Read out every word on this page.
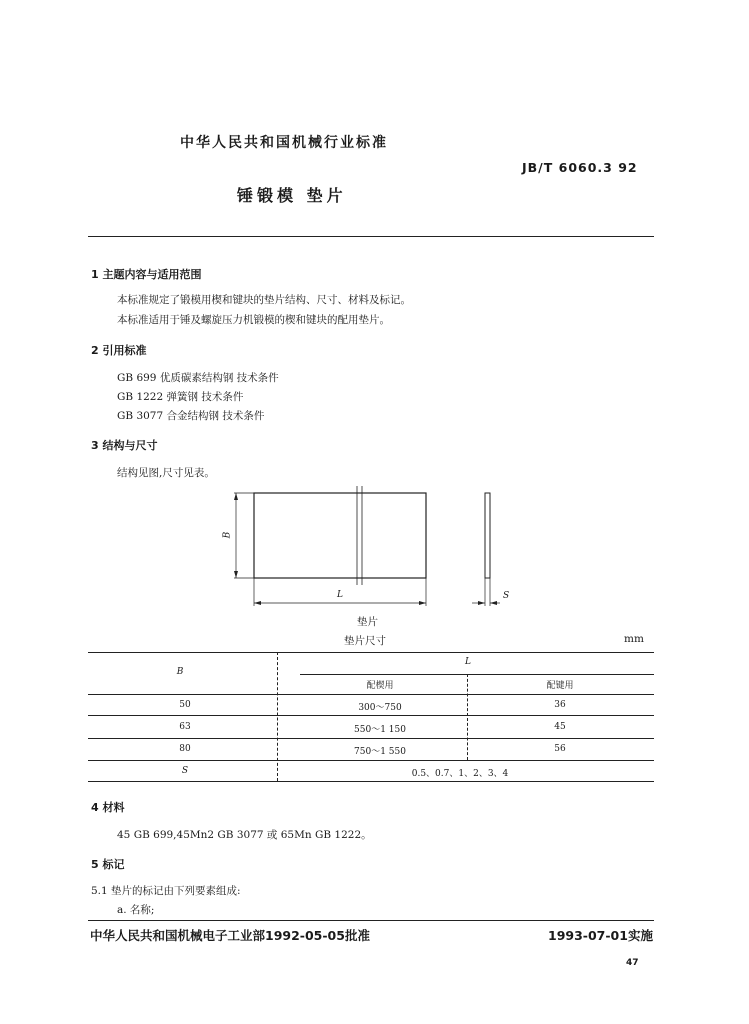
中华人民共和国机械行业标准
JB/T 6060.3 92
锤锻模 垫片
1 主题内容与适用范围
本标准规定了锻模用楔和键块的垫片结构、尺寸、材料及标记。
本标准适用于锤及螺旋压力机锻模的楔和键块的配用垫片。
2 引用标准
GB 699 优质碳素结构钢 技术条件
GB 1222 弹簧钢 技术条件
GB 3077 合金结构钢 技术条件
3 结构与尺寸
结构见图,尺寸见表。
B
L	S
垫片
垫片尺寸	mm
B
L
配楔用	配键用
50	300～750	36
63	550～1 150	45
80	750～1 550	56
S	0.5、0.7、1、2、3、4
4 材料
45 GB 699,45Mn2 GB 3077 或 65Mn GB 1222。
5 标记
5.1 垫片的标记由下列要素组成:
a. 名称;
中华人民共和国机械电子工业部1992-05-05批准	1993-07-01实施
47
